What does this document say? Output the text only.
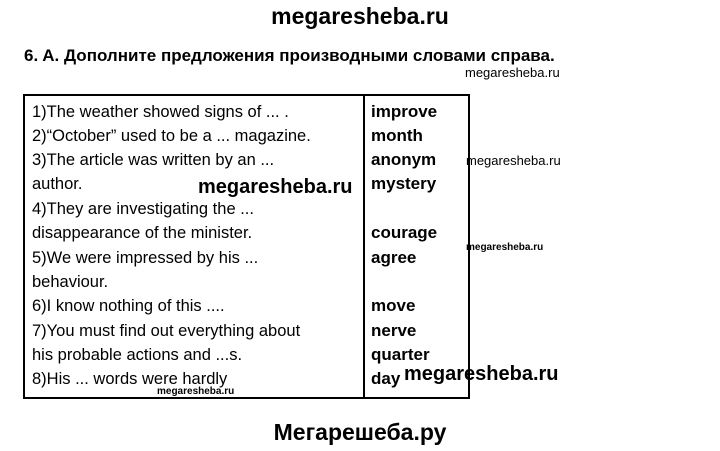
megaresheba.ru
6. A. Дополните предложения производными словами справа.
megaresheba.ru
megaresheba.ru
1)The weather showed signs of ... .
2)“October” used to be a ... magazine.
3)The article was written by an ...
author.
4)They are investigating the ...
disappearance of the minister.
5)We were impressed by his ...
behaviour.
6)I know nothing of this ....
7)You must find out everything about
his probable actions and ...s.
8)His ... words were hardly
improve
month
anonym
mystery
courage
agree
move
nerve
quarter
day
megaresheba.ru
megaresheba.ru
megaresheba.ru
megaresheba.ru
Мегарешеба.ру
